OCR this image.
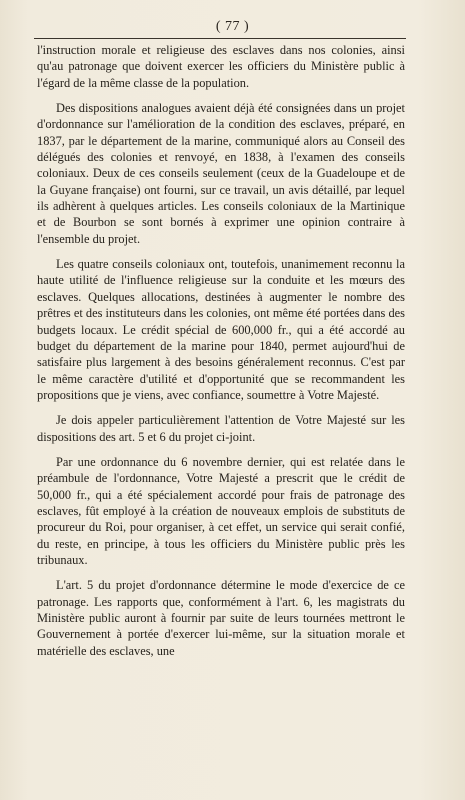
( 77 )

l'instruction morale et religieuse des esclaves dans nos colonies, ainsi qu'au patronage que doivent exercer les officiers du Ministère public à l'égard de la même classe de la population.

Des dispositions analogues avaient déjà été consignées dans un projet d'ordonnance sur l'amélioration de la condition des esclaves, préparé, en 1837, par le département de la marine, communiqué alors au Conseil des délégués des colonies et renvoyé, en 1838, à l'examen des conseils coloniaux. Deux de ces conseils seulement (ceux de la Guadeloupe et de la Guyane française) ont fourni, sur ce travail, un avis détaillé, par lequel ils adhèrent à quelques articles. Les conseils coloniaux de la Martinique et de Bourbon se sont bornés à exprimer une opinion contraire à l'ensemble du projet.

Les quatre conseils coloniaux ont, toutefois, unanimement reconnu la haute utilité de l'influence religieuse sur la conduite et les mœurs des esclaves. Quelques allocations, destinées à augmenter le nombre des prêtres et des instituteurs dans les colonies, ont même été portées dans des budgets locaux. Le crédit spécial de 600,000 fr., qui a été accordé au budget du département de la marine pour 1840, permet aujourd'hui de satisfaire plus largement à des besoins généralement reconnus. C'est par le même caractère d'utilité et d'opportunité que se recommandent les propositions que je viens, avec confiance, soumettre à Votre Majesté.

Je dois appeler particulièrement l'attention de Votre Majesté sur les dispositions des art. 5 et 6 du projet ci-joint.

Par une ordonnance du 6 novembre dernier, qui est relatée dans le préambule de l'ordonnance, Votre Majesté a prescrit que le crédit de 50,000 fr., qui a été spécialement accordé pour frais de patronage des esclaves, fût employé à la création de nouveaux emplois de substituts de procureur du Roi, pour organiser, à cet effet, un service qui serait confié, du reste, en principe, à tous les officiers du Ministère public près les tribunaux.

L'art. 5 du projet d'ordonnance détermine le mode d'exercice de ce patronage. Les rapports que, conformément à l'art. 6, les magistrats du Ministère public auront à fournir par suite de leurs tournées mettront le Gouvernement à portée d'exercer lui-même, sur la situation morale et matérielle des esclaves, une
